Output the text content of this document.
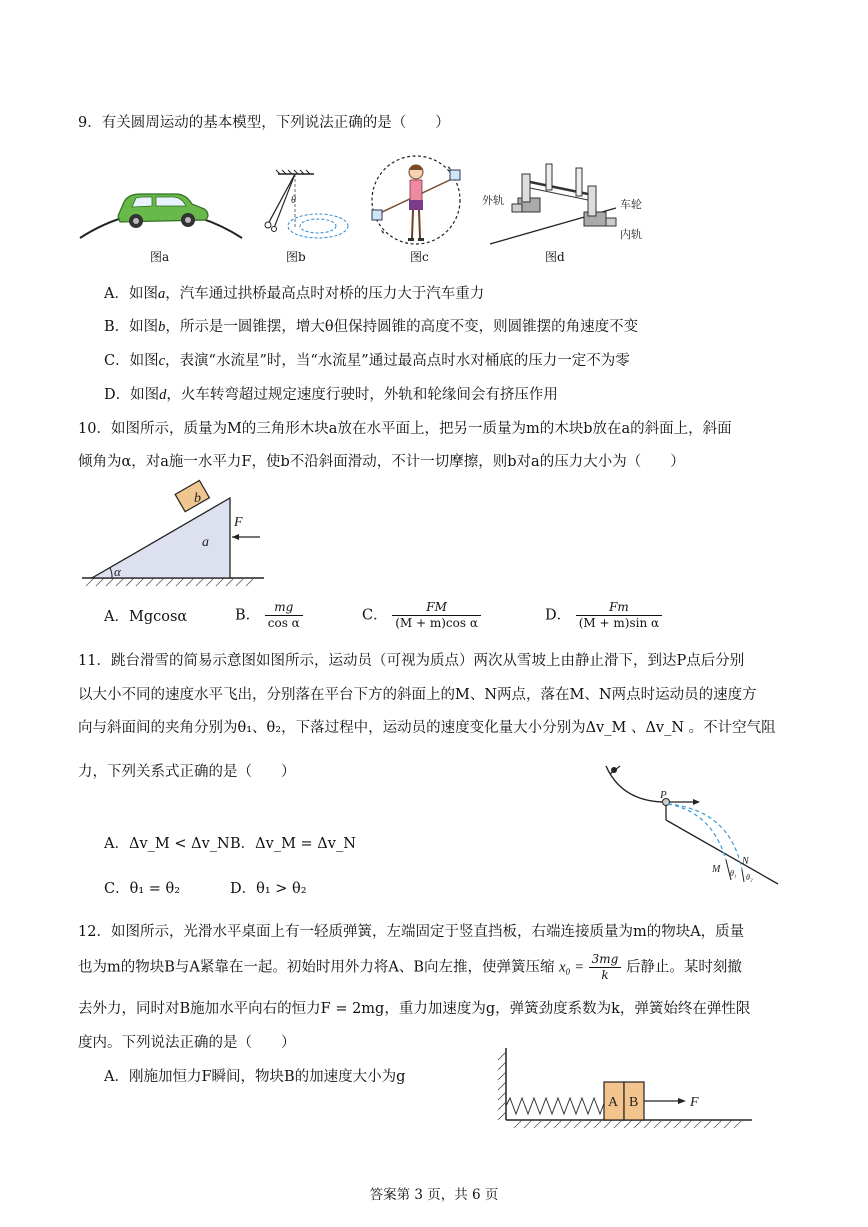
9．有关圆周运动的基本模型，下列说法正确的是（　　）
图a
θ
图b	图c
外轨	车轮
内轨
图d
A．如图a，汽车通过拱桥最高点时对桥的压力大于汽车重力
B．如图b，所示是一圆锥摆，增大θ但保持圆锥的高度不变，则圆锥摆的角速度不变
C．如图c，表演“水流星”时，当“水流星”通过最高点时水对桶底的压力一定不为零
D．如图d，火车转弯超过规定速度行驶时，外轨和轮缘间会有挤压作用
10．如图所示，质量为M的三角形木块a放在水平面上，把另一质量为m的木块b放在a的斜面上，斜面
倾角为α，对a施一水平力F，使b不沿斜面滑动，不计一切摩擦，则b对a的压力大小为（　　）
b
a
F
α
A．Mgcosα	B． $\frac{mg}{\text{cos α}}$	C． $\frac{FM}{\text{(M + m)cos α}}$	D． $\frac{Fm}{\text{(M + m)sin α}}$
11．跳台滑雪的简易示意图如图所示，运动员（可视为质点）两次从雪坡上由静止滑下，到达P点后分别
以大小不同的速度水平飞出，分别落在平台下方的斜面上的M、N两点，落在M、N两点时运动员的速度方
向与斜面间的夹角分别为θ₁、θ₂，下落过程中，运动员的速度变化量大小分别为Δv_M 、Δv_N 。不计空气阻
力，下列关系式正确的是（　　）
P
M
N
θ₁ θ₂
A．Δv_M < Δv_N B．Δv_M = Δv_N
C．θ₁ = θ₂	D．θ₁ > θ₂
12．如图所示，光滑水平桌面上有一轻质弹簧，左端固定于竖直挡板，右端连接质量为m的物块A，质量
也为m的物块B与A紧靠在一起。初始时用外力将A、B向左推，使弹簧压缩 $x_0 = \frac{3mg}{k}$ 后静止。某时刻撤
去外力，同时对B施加水平向右的恒力F = 2mg，重力加速度为g，弹簧劲度系数为k，弹簧始终在弹性限
度内。下列说法正确的是（　　）
A．刚施加恒力F瞬间，物块B的加速度大小为g
A B	F
答案第 3 页，共 6 页
